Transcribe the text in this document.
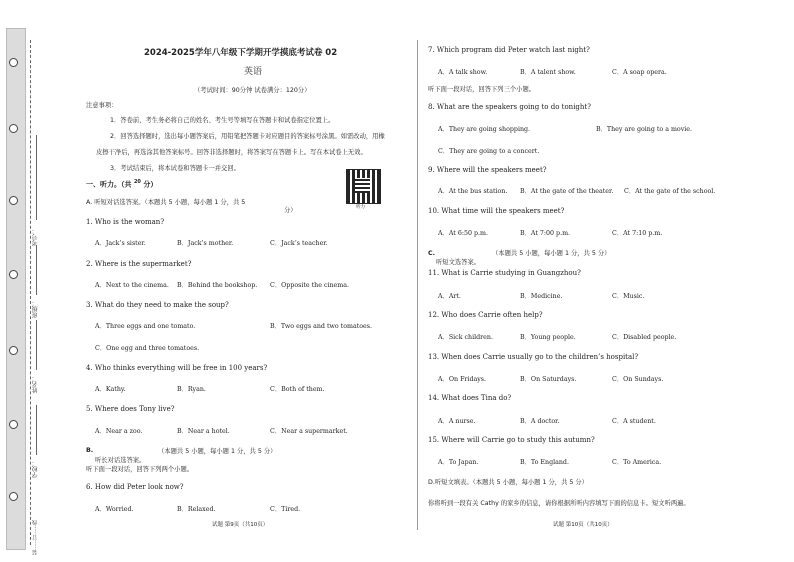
学校：
姓名：
班级：
考号：
装……订……线
2024-2025学年八年级下学期开学摸底考试卷 02
英语
（考试时间：90分钟 试卷满分：120分）
注意事项：
1．答卷前，考生务必将自己的姓名、考生号等填写在答题卡和试卷指定位置上。
2．回答选择题时，选出每小题答案后，用铅笔把答题卡对应题目的答案标号涂黑。如需改动，用橡
皮擦干净后，再选涂其他答案标号。回答非选择题时，将答案写在答题卡上。写在本试卷上无效。
3．考试结束后，将本试卷和答题卡一并交回。
一、听力。（共 $^{20}$ 分）
A. 听短对话选答案。（本题共 5 小题，每小题 1 分，共 5
分）	听力
1. Who is the woman?
A．Jack’s sister.	B．Jack’s mother.	C．Jack’s teacher.
2. Where is the supermarket?
A．Next to the cinema. B．Behind the bookshop. C．Opposite the cinema.
3. What do they need to make the soup?
A．Three eggs and one tomato.	B．Two eggs and two tomatoes.
C．One egg and three tomatoes.
4. Who thinks everything will be free in 100 years?
A．Kathy.	B．Ryan.	C．Both of them.
5. Where does Tony live?
A．Near a zoo.	B．Near a hotel.	C．Near a supermarket.
B.	（本题共 5 小题，每小题 1 分，共 5 分）
听长对话选答案。
听下面一段对话，回答下列两个小题。
6. How did Peter look now?
A．Worried.	B．Relaxed.	C．Tired.
试题 第9页（共10页）
7. Which program did Peter watch last night?
A．A talk show.	B．A talent show.	C．A soap opera.
听下面一段对话，回答下列三个小题。
8. What are the speakers going to do tonight?
A．They are going shopping.	B．They are going to a movie.
C．They are going to a concert.
9. Where will the speakers meet?
A．At the bus station. B．At the gate of the theater. C．At the gate of the school.
10. What time will the speakers meet?
A．At 6:50 p.m.	B．At 7:00 p.m.	C．At 7:10 p.m.
C.	（本题共 5 小题，每小题 1 分，共 5 分）
听短文选答案。
11. What is Carrie studying in Guangzhou?
A．Art.	B．Medicine.	C．Music.
12. Who does Carrie often help?
A．Sick children.	B．Young people.	C．Disabled people.
13. When does Carrie usually go to the children’s hospital?
A．On Fridays.	B．On Saturdays.	C．On Sundays.
14. What does Tina do?
A．A nurse.	B．A doctor.	C．A student.
15. Where will Carrie go to study this autumn?
A．To Japan.	B．To England.	C．To America.
D.听短文填表。（本题共 5 小题，每小题 1 分，共 5 分）
你将听到一段有关 Cathy 的家乡的信息，请你根据所听内容填写下面的信息卡。短文听两遍。
试题 第10页（共10页）
